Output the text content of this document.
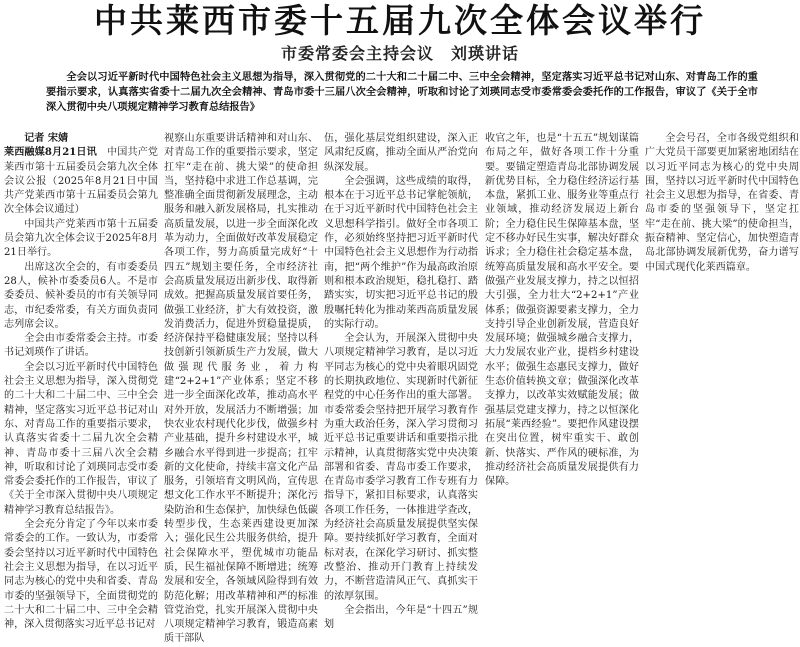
中共莱西市委十五届九次全体会议举行
市委常委会主持会议　刘瑛讲话
全会以习近平新时代中国特色社会主义思想为指导，深入贯彻党的二十大和二十届二中、三中全会精神，坚定落实习近平总书记对山东、对青岛工作的重要指示要求，认真落实省委十二届九次全会精神、青岛市委十三届八次全会精神，听取和讨论了刘瑛同志受市委常委会委托作的工作报告，审议了《关于全市深入贯彻中央八项规定精神学习教育总结报告》

记者 宋婧

莱西融媒8月21日讯　 中国共产党莱西市第十五届委员会第九次全体会议公报（2025年8月21日中国共产党莱西市第十五届委员会第九次全体会议通过）

中国共产党莱西市第十五届委员会第九次全体会议于2025年8月21日举行。

出席这次全会的，有市委委员28人，候补市委委员6人。不是市委委员、候补委员的市有关领导同志，市纪委常委，有关方面负责同志列席会议。

全会由市委常委会主持。市委书记刘瑛作了讲话。

全会以习近平新时代中国特色社会主义思想为指导，深入贯彻党的二十大和二十届二中、三中全会精神，坚定落实习近平总书记对山东、对青岛工作的重要指示要求，认真落实省委十二届九次全会精神、青岛市委十三届八次全会精神，听取和讨论了刘瑛同志受市委常委会委托作的工作报告，审议了《关于全市深入贯彻中央八项规定精神学习教育总结报告》。

全会充分肯定了今年以来市委常委会的工作。一致认为，市委常委会坚持以习近平新时代中国特色社会主义思想为指导，在以习近平同志为核心的党中央和省委、青岛市委的坚强领导下，全面贯彻党的二十大和二十届二中、三中全会精神，深入贯彻落实习近平总书记对

视察山东重要讲话精神和对山东、对青岛工作的重要指示要求，坚定扛牢“走在前、挑大梁”的使命担当，坚持稳中求进工作总基调，完整准确全面贯彻新发展理念，主动服务和融入新发展格局，扎实推动高质量发展，以进一步全面深化改革为动力，全面做好改革发展稳定各项工作，努力高质量完成好“十四五”规划主要任务，全市经济社会高质量发展迈出新步伐、取得新成效。把握高质量发展首要任务，做强工业经济，扩大有效投资，激发消费活力，促进外贸稳量提质，经济保持平稳健康发展；坚持以科技创新引领新质生产力发展，做大做强现代服务业，着力构建“2+2+1”产业体系；坚定不移进一步全面深化改革，推动高水平对外开放，发展活力不断增强；加快农业农村现代化步伐，做强乡村产业基础，提升乡村建设水平，城乡融合水平得到进一步提高；扛牢新的文化使命，持续丰富文化产品服务，引领培育文明风尚，宣传思想文化工作水平不断提升；深化污染防治和生态保护，加快绿色低碳转型步伐，生态莱西建设更加深入；强化民生公共服务供给，提升社会保障水平，塑优城市功能品质，民生福祉保障不断增进；统筹发展和安全，各领域风险得到有效防范化解；用改革精神和严的标准管党治党，扎实开展深入贯彻中央八项规定精神学习教育，锻造高素质干部队

伍，强化基层党组织建设，深入正风肃纪反腐，推动全面从严治党向纵深发展。

全会强调，这些成绩的取得，根本在于习近平总书记掌舵领航，在于习近平新时代中国特色社会主义思想科学指引。做好全市各项工作，必须始终坚持把习近平新时代中国特色社会主义思想作为行动指南，把“两个维护”作为最高政治原则和根本政治规矩，稳扎稳打、踏踏实实，切实把习近平总书记的殷殷嘱托转化为推动莱西高质量发展的实际行动。

全会认为，开展深入贯彻中央八项规定精神学习教育，是以习近平同志为核心的党中央着眼巩固党的长期执政地位、实现新时代新征程党的中心任务作出的重大部署。市委常委会坚持把开展学习教育作为重大政治任务，深入学习贯彻习近平总书记重要讲话和重要指示批示精神，认真贯彻落实党中央决策部署和省委、青岛市委工作要求，在青岛市委学习教育工作专班有力指导下，紧扣目标要求，认真落实各项工作任务，一体推进学查改，为经济社会高质量发展提供坚实保障。要持续抓好学习教育，全面对标对表，在深化学习研讨、抓实整改整治、推动开门教育上持续发力，不断营造清风正气、真抓实干的浓厚氛围。

全会指出，今年是“十四五”规划

收官之年，也是“十五五”规划谋篇布局之年，做好各项工作十分重要。要锚定塑造青岛北部协调发展新优势目标，全力稳住经济运行基本盘，紧抓工业、服务业等重点行业领域，推动经济发展迈上新台阶；全力稳住民生保障基本盘，坚定不移办好民生实事，解决好群众诉求；全力稳住社会稳定基本盘，统筹高质量发展和高水平安全。要做强产业发展支撑力，持之以恒招大引强，全力壮大“2+2+1”产业体系；做强资源要素支撑力，全力支持引导企业创新发展，营造良好发展环境；做强城乡融合支撑力，大力发展农业产业，提档乡村建设水平；做强生态惠民支撑力，做好生态价值转换文章；做强深化改革支撑力，以改革实效赋能发展；做强基层党建支撑力，持之以恒深化拓展“莱西经验”。要把作风建设摆在突出位置，树牢重实干、敢创新、快落实、严作风的硬标准，为推动经济社会高质量发展提供有力保障。

全会号召，全市各级党组织和广大党员干部要更加紧密地团结在以习近平同志为核心的党中央周围，坚持以习近平新时代中国特色社会主义思想为指导，在省委、青岛市委的坚强领导下，坚定扛牢“走在前、挑大梁”的使命担当，振奋精神、坚定信心，加快塑造青岛北部协调发展新优势，奋力谱写中国式现代化莱西篇章。
